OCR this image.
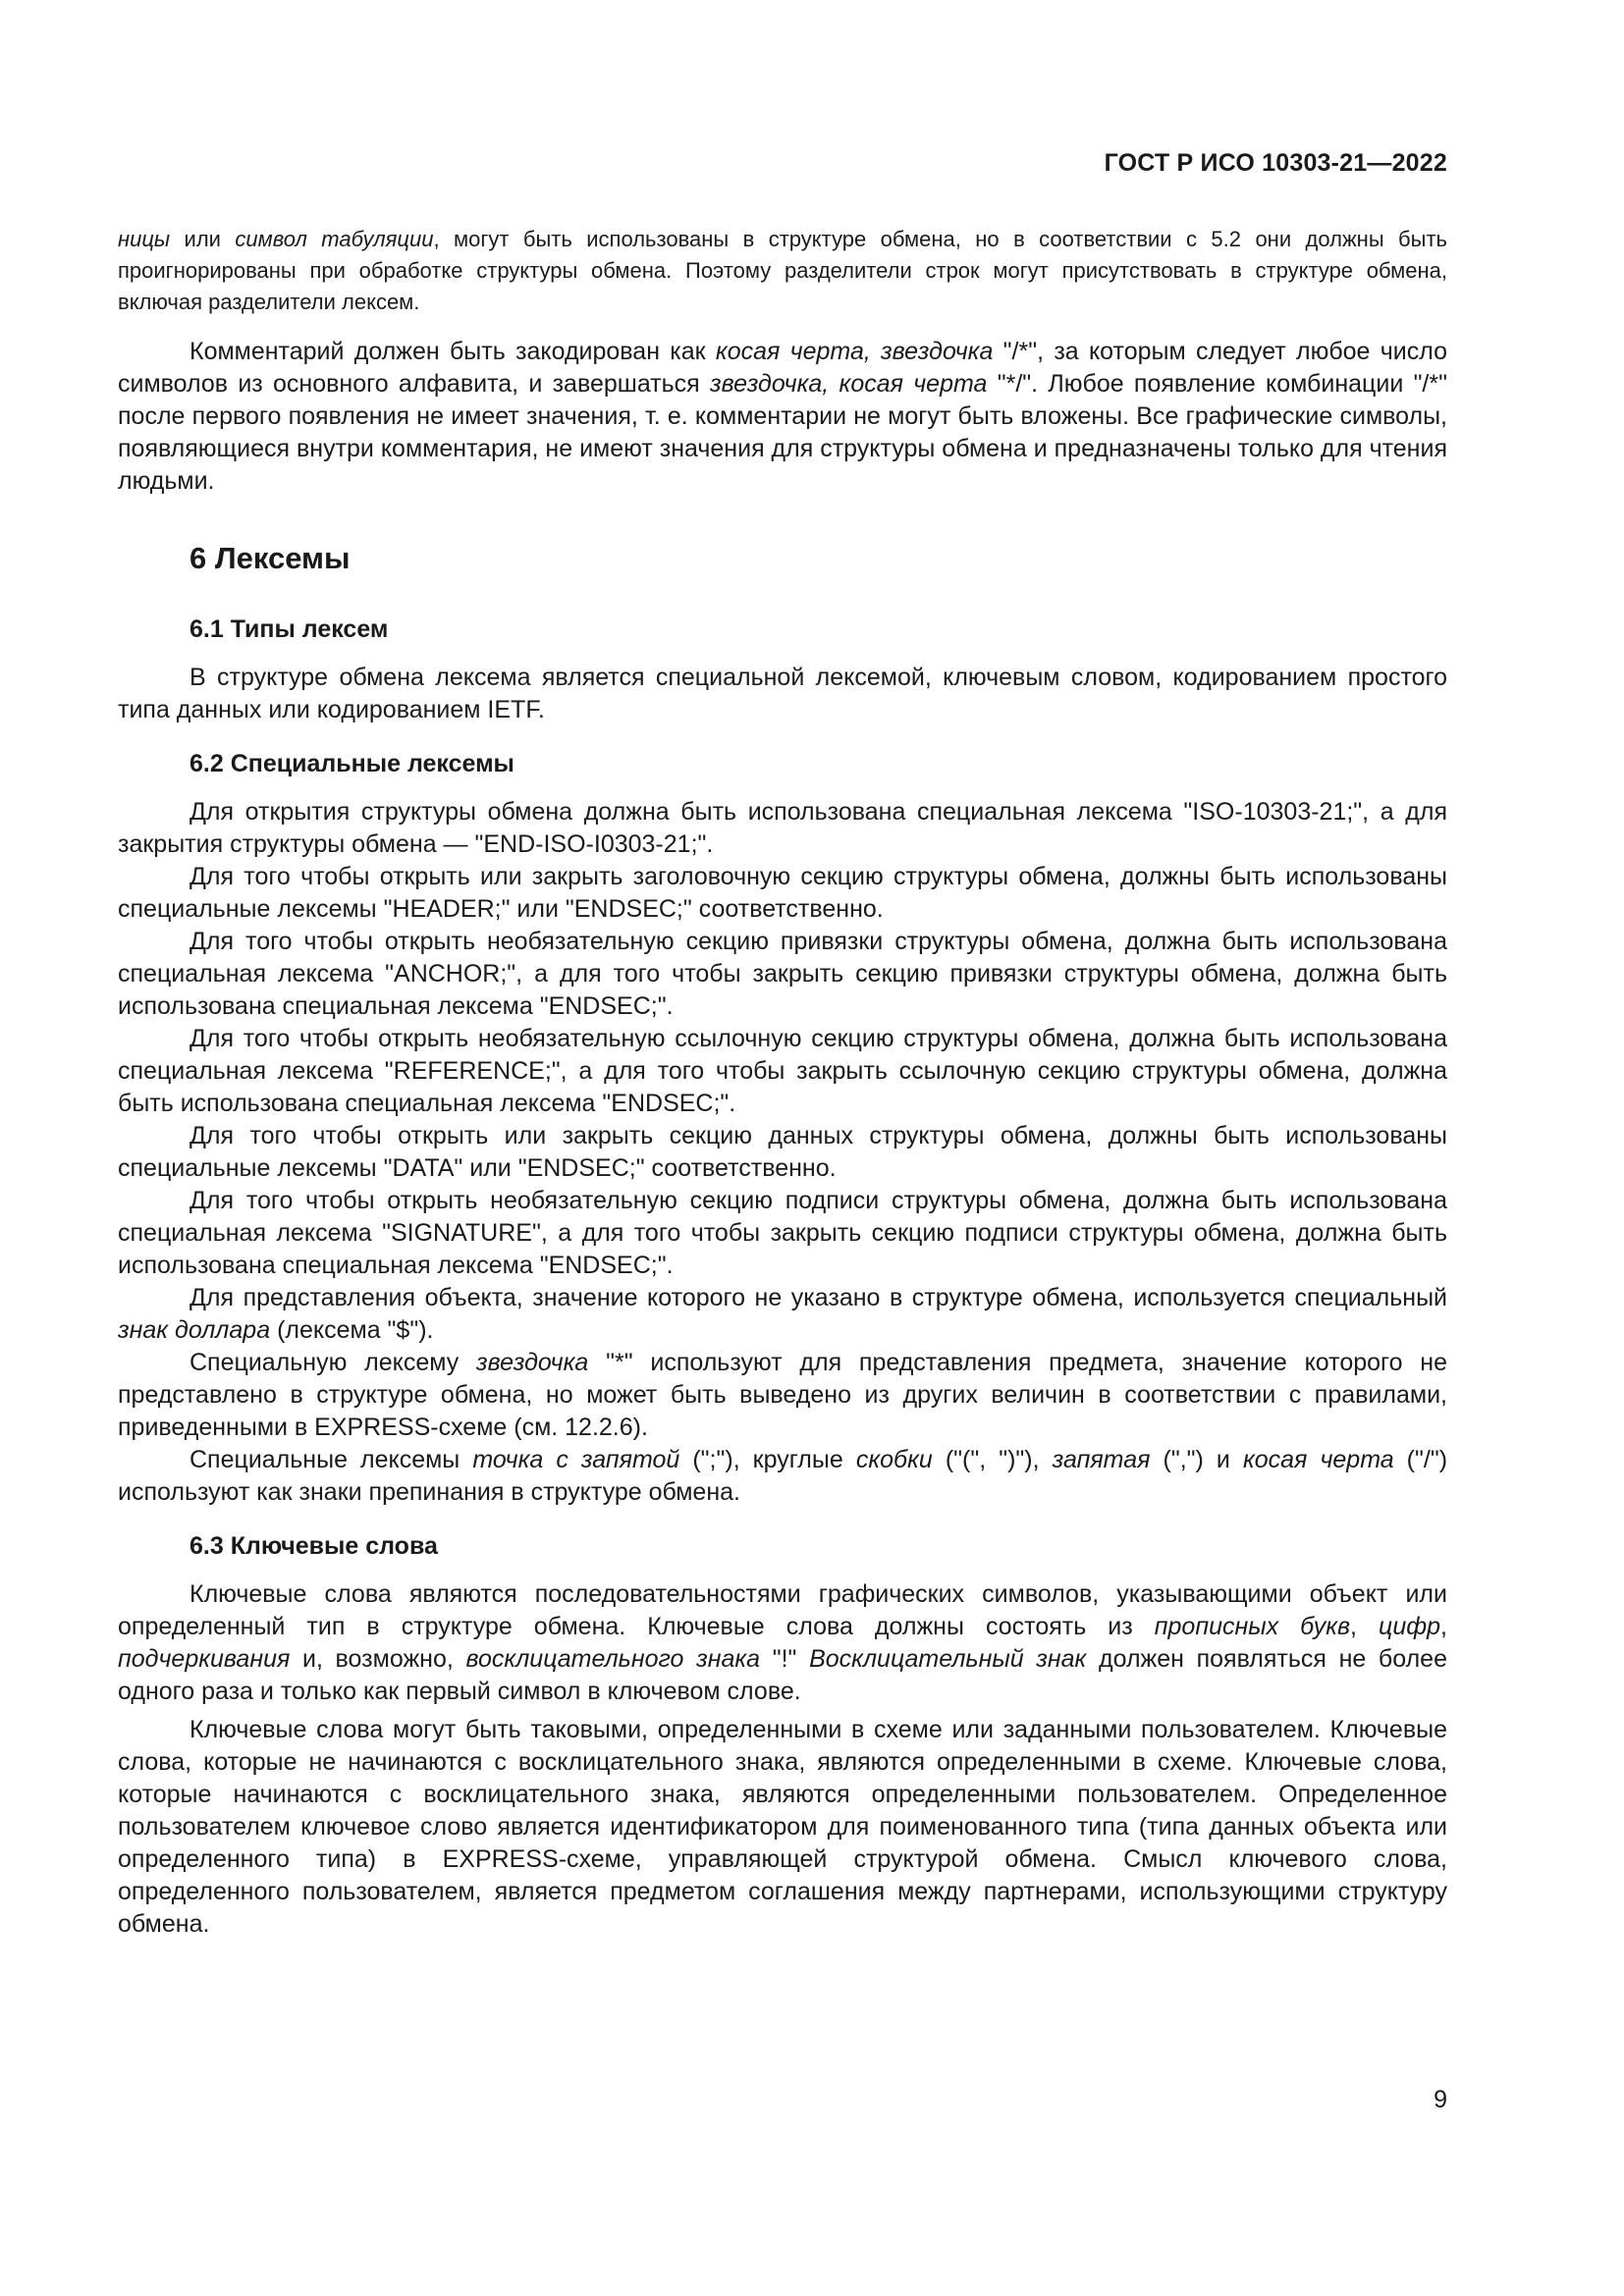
ГОСТ Р ИСО 10303-21—2022

ницы или символ табуляции, могут быть использованы в структуре обмена, но в соответствии с 5.2 они должны быть проигнорированы при обработке структуры обмена. Поэтому разделители строк могут присутствовать в структуре обмена, включая разделители лексем.

Комментарий должен быть закодирован как косая черта, звездочка "/*", за которым следует любое число символов из основного алфавита, и завершаться звездочка, косая черта "*/". Любое появление комбинации "/*" после первого появления не имеет значения, т. е. комментарии не могут быть вложены. Все графические символы, появляющиеся внутри комментария, не имеют значения для структуры обмена и предназначены только для чтения людьми.

6 Лексемы
6.1 Типы лексем

В структуре обмена лексема является специальной лексемой, ключевым словом, кодированием простого типа данных или кодированием IETF.

6.2 Специальные лексемы

Для открытия структуры обмена должна быть использована специальная лексема "ISO-10303-21;", а для закрытия структуры обмена — "END-ISO-I0303-21;".

Для того чтобы открыть или закрыть заголовочную секцию структуры обмена, должны быть использованы специальные лексемы "HEADER;" или "ENDSEC;" соответственно.

Для того чтобы открыть необязательную секцию привязки структуры обмена, должна быть использована специальная лексема "ANCHOR;", а для того чтобы закрыть секцию привязки структуры обмена, должна быть использована специальная лексема "ENDSEC;".

Для того чтобы открыть необязательную ссылочную секцию структуры обмена, должна быть использована специальная лексема "REFERENCE;", а для того чтобы закрыть ссылочную секцию структуры обмена, должна быть использована специальная лексема "ENDSEC;".

Для того чтобы открыть или закрыть секцию данных структуры обмена, должны быть использованы специальные лексемы "DATA" или "ENDSEC;" соответственно.

Для того чтобы открыть необязательную секцию подписи структуры обмена, должна быть использована специальная лексема "SIGNATURE", а для того чтобы закрыть секцию подписи структуры обмена, должна быть использована специальная лексема "ENDSEC;".

Для представления объекта, значение которого не указано в структуре обмена, используется специальный знак доллара (лексема "$").

Специальную лексему звездочка "*" используют для представления предмета, значение которого не представлено в структуре обмена, но может быть выведено из других величин в соответствии с правилами, приведенными в EXPRESS-схеме (см. 12.2.6).

Специальные лексемы точка с запятой (";"), круглые скобки ("(", ")"), запятая (",") и косая черта ("/") используют как знаки препинания в структуре обмена.

6.3 Ключевые слова

Ключевые слова являются последовательностями графических символов, указывающими объект или определенный тип в структуре обмена. Ключевые слова должны состоять из прописных букв, цифр, подчеркивания и, возможно, восклицательного знака "!" Восклицательный знак должен появляться не более одного раза и только как первый символ в ключевом слове.

Ключевые слова могут быть таковыми, определенными в схеме или заданными пользователем. Ключевые слова, которые не начинаются с восклицательного знака, являются определенными в схеме. Ключевые слова, которые начинаются с восклицательного знака, являются определенными пользователем. Определенное пользователем ключевое слово является идентификатором для поименованного типа (типа данных объекта или определенного типа) в EXPRESS-схеме, управляющей структурой обмена. Смысл ключевого слова, определенного пользователем, является предметом соглашения между партнерами, использующими структуру обмена.

9
